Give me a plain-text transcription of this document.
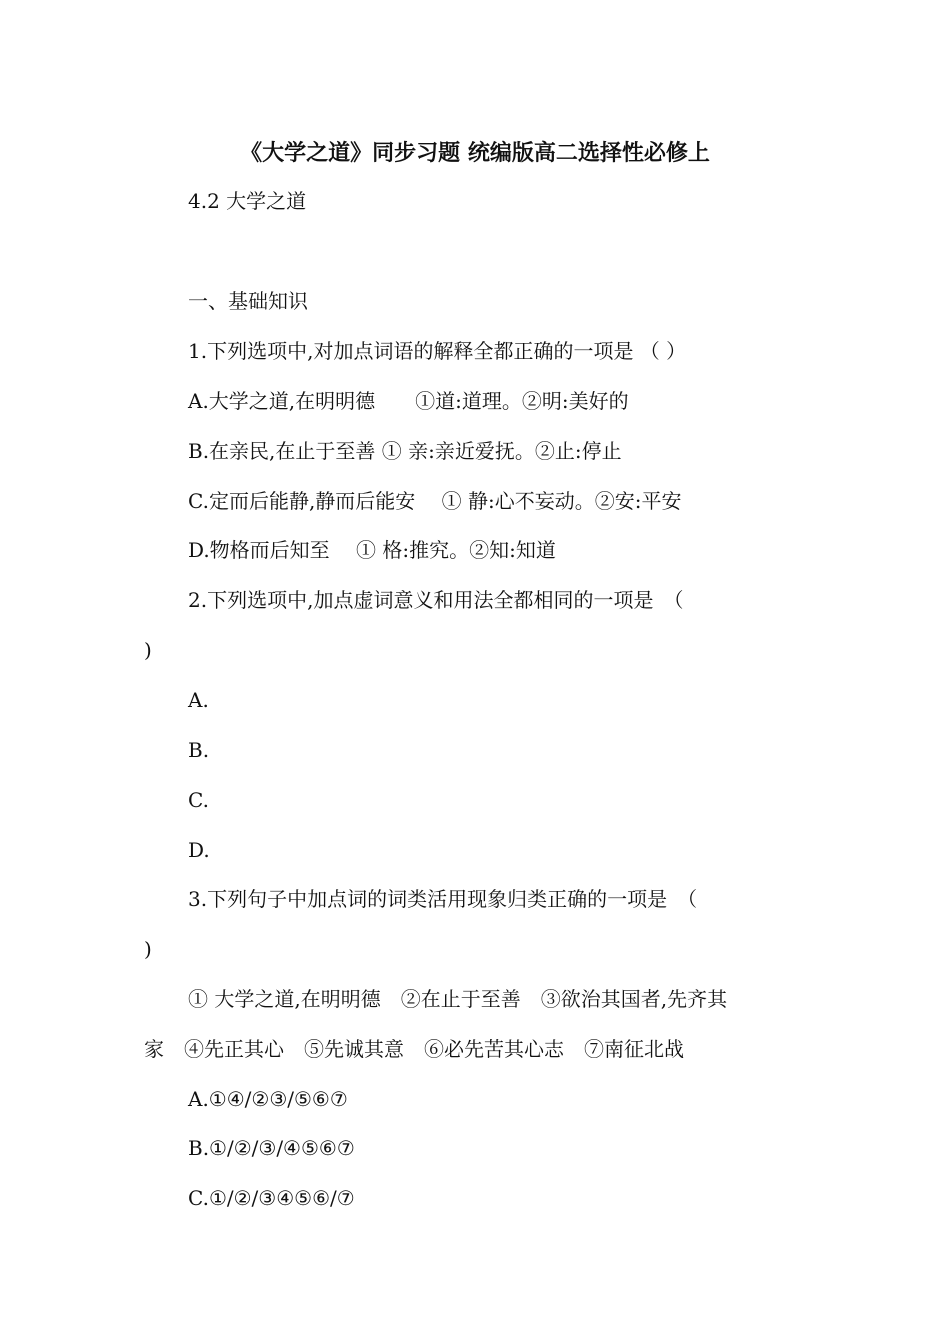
《大学之道》同步习题 统编版高二选择性必修上
4.2 大学之道
一、基础知识
1.下列选项中,对加点词语的解释全都正确的一项是 （ ）
A.大学之道,在明明德　　①道:道理。②明:美好的
B.在亲民,在止于至善 ① 亲:亲近爱抚。②止:停止
C.定而后能静,静而后能安　 ① 静:心不妄动。②安:平安
D.物格而后知至　 ① 格:推究。②知:知道
2.下列选项中,加点虚词意义和用法全都相同的一项是　（
)
A.
B.
C.
D.
3.下列句子中加点词的词类活用现象归类正确的一项是　（
)
① 大学之道,在明明德　②在止于至善　③欲治其国者,先齐其
家　④先正其心　⑤先诚其意　⑥必先苦其心志　⑦南征北战
A.①④/②③/⑤⑥⑦
B.①/②/③/④⑤⑥⑦
C.①/②/③④⑤⑥/⑦
